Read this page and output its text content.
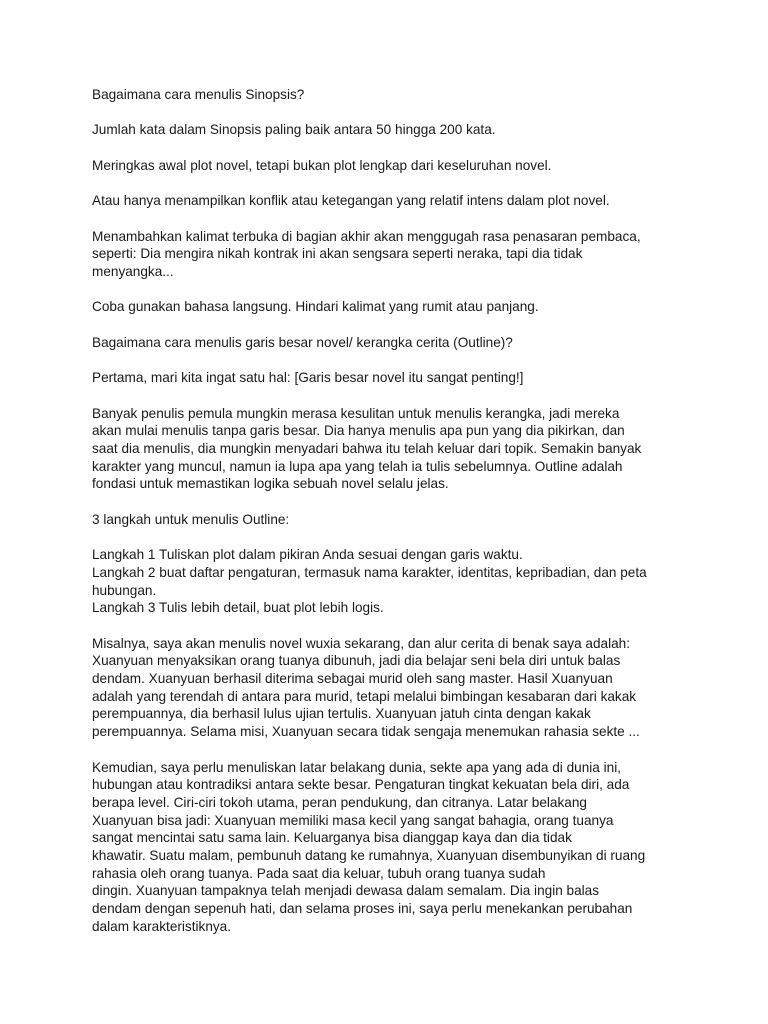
Bagaimana cara menulis Sinopsis?
Jumlah kata dalam Sinopsis paling baik antara 50 hingga 200 kata.
Meringkas awal plot novel, tetapi bukan plot lengkap dari keseluruhan novel.
Atau hanya menampilkan konflik atau ketegangan yang relatif intens dalam plot novel.
Menambahkan kalimat terbuka di bagian akhir akan menggugah rasa penasaran pembaca,
seperti: Dia mengira nikah kontrak ini akan sengsara seperti neraka, tapi dia tidak
menyangka...
Coba gunakan bahasa langsung. Hindari kalimat yang rumit atau panjang.
Bagaimana cara menulis garis besar novel/ kerangka cerita (Outline)?
Pertama, mari kita ingat satu hal: [Garis besar novel itu sangat penting!]
Banyak penulis pemula mungkin merasa kesulitan untuk menulis kerangka, jadi mereka
akan mulai menulis tanpa garis besar. Dia hanya menulis apa pun yang dia pikirkan, dan
saat dia menulis, dia mungkin menyadari bahwa itu telah keluar dari topik. Semakin banyak
karakter yang muncul, namun ia lupa apa yang telah ia tulis sebelumnya. Outline adalah
fondasi untuk memastikan logika sebuah novel selalu jelas.
3 langkah untuk menulis Outline:
Langkah 1 Tuliskan plot dalam pikiran Anda sesuai dengan garis waktu.
Langkah 2 buat daftar pengaturan, termasuk nama karakter, identitas, kepribadian, dan peta
hubungan.
Langkah 3 Tulis lebih detail, buat plot lebih logis.
Misalnya, saya akan menulis novel wuxia sekarang, dan alur cerita di benak saya adalah:
Xuanyuan menyaksikan orang tuanya dibunuh, jadi dia belajar seni bela diri untuk balas
dendam. Xuanyuan berhasil diterima sebagai murid oleh sang master. Hasil Xuanyuan
adalah yang terendah di antara para murid, tetapi melalui bimbingan kesabaran dari kakak
perempuannya, dia berhasil lulus ujian tertulis. Xuanyuan jatuh cinta dengan kakak
perempuannya. Selama misi, Xuanyuan secara tidak sengaja menemukan rahasia sekte ...
Kemudian, saya perlu menuliskan latar belakang dunia, sekte apa yang ada di dunia ini,
hubungan atau kontradiksi antara sekte besar. Pengaturan tingkat kekuatan bela diri, ada
berapa level. Ciri-ciri tokoh utama, peran pendukung, dan citranya. Latar belakang
Xuanyuan bisa jadi: Xuanyuan memiliki masa kecil yang sangat bahagia, orang tuanya
sangat mencintai satu sama lain. Keluarganya bisa dianggap kaya dan dia tidak
khawatir. Suatu malam, pembunuh datang ke rumahnya, Xuanyuan disembunyikan di ruang
rahasia oleh orang tuanya. Pada saat dia keluar, tubuh orang tuanya sudah
dingin. Xuanyuan tampaknya telah menjadi dewasa dalam semalam. Dia ingin balas
dendam dengan sepenuh hati, dan selama proses ini, saya perlu menekankan perubahan
dalam karakteristiknya.
